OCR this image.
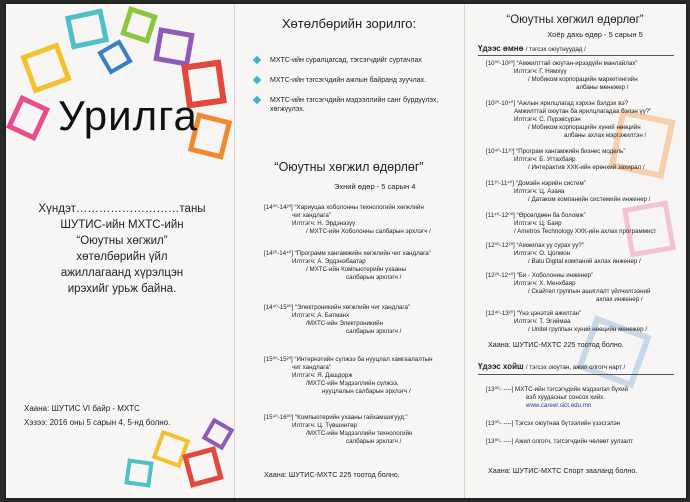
Урилга
Хүндэт………………………таны
ШУТИС-ийн МХТС-ийн
“Оюутны хөгжил”
хөтөлбөрийн үйл
ажиллагаанд хүрэлцэн
ирэхийг урьж байна.
Хаана: ШУТИС VI байр - МХТС
Хэзээ: 2016 оны 5 сарын 4, 5-нд болно.
Хөтөлбөрийн зорилго:
МХТС-ийн суралцагсад, тэгсэгчдийг суртачлах
МХТС-ийн тэгсэгчдийн ажлын байранд зуучлах.
МХТС-ийн тэгсэгчдийн мэдээллийн санг бүрдүүлэх,
хөгжүүлэх.
“Оюутны хөгжил өдөрлөг”
Эхний өдөр - 5 сарын 4
[14⁰⁰-14²⁰] “Хариуцаа хоболонны технологийн хөгжлийн
чиг хандлага”
Илтгэгч: Н. Эрдэнэзүү
/ МХТС-ийн Хоболонны салбарын эрхлэгч /
[14²⁰-14⁴⁰] “Программ хангамжийн хөгжлийн чиг хандлага”
Илтгэгч: А. Эрдэнэбаатар
/ МХТС-ийн Компьютерийн ухааны
салбарын эрхлэгч /
[14⁴⁰-15⁰⁰] “Электроникийн хөгжлийн чиг хандлага”
Илтгэгч: А. Батманх
/МХТС-ийн Электроникийн
салбарын эрхлэгч /
[15⁰⁰-15²⁰] “Интернэтийн сүлжээ ба нууцлал хамгаалалтын
чиг хандлага”
Илтгэгч: Я. Дашдорж
/МХТС-ийн Мэдээллийн сүлжээ,
нууцлалын салбарын эрхлэгч /
[15⁴⁰-16⁰⁰] “Компьютерийн ухааны гайхамшигууд:”
Илтгэгч: Ц. Түвшинтөр
/МХТС-ийн Мэдээллийн технологийн
салбарын эрхлэгч /
Хаана: ШУТИС-МХТС 225 тоотод болно.
“Оюутны хөгжил өдөрлөг”
Хоёр дахь өдөр - 5 сарын 5
Үдээс өмнө / тэгсэх оюутнуудад /
[10⁰⁰-10²⁰] “Амжилттай оюутан-ирээдүйн манлайлах”
Илтгэгч: Г. Нямхүү
/ Мобиком корпорацийн маркетингийн
албаны менежер /
[10²⁰-10⁴⁰] “Ажлын ярилцлагад хэрхэн бэлдэх вэ?
Амжилттай оюутан ба ярилцлагадаа бэлэн үү?”
Илтгэгч: С. Пүрэвсүрэн
/ Мобиком корпорацийн хүний нөөцийн
албаны ахлах мэргэжилтэн /
[10⁴⁰-11¹⁰] “Програм хангамжийн бизнес модель”
Илтгэгч: Б. Угтахбаяр
/ Интерактив ХХК-ийн ерөнхий захирал /
[11¹⁰-11⁴⁰] “Домэйн нэрийн систем”
Илтгэгч: Ц. Азаяа
/ Датаком компанийн системийн инженер /
[11⁴⁰-12⁰⁰] “Өрсөлдөөн ба боломж”
Илтгэгч: Ц. Баяр
/ Ametros Technology ХХК-ийн ахлах программист
[12⁰⁰-12²⁰] “Амжилах уу сурах уу?”
Илтгэгч: О. Цолмон
/ Batu Digital компаний ахлах инженер /
[12²⁰-12⁴⁰] “Би - Хоболонны инженер”
Илтгэгч: Х. Менхбаяр
/ Скайтел группын ашиглалт үйлчилгээний
ахлах инженер /
[12⁴⁰-13²⁰] “Үнэ цэнэтэй ажилтан”
Илтгэгч: Т. Эгиймаа
/ Unitel группын хүний нөөцийн менежер /
Хаана: ШУТИС-МХТС 225 тоотод болно.
Үдээс хойш / тэгсэх оюутан, ажил олгогч нарт /
[13⁰⁰- ----] МХТС-ийн тэгсэгчдийн мэдээлэл бүхий
вэб хуудасныг сонсох хийх.
www.career.sict.edu.mn
[13⁰⁰- ----] Тэгсэх оюутнаа бүтээлийн үзэсгэлэн
[13⁰⁰- ----] Ажил олгогч, тэгсэгчдийн чөлөөт уулзалт
Хаана: ШУТИС-МХТС Спорт зааланд болно.
